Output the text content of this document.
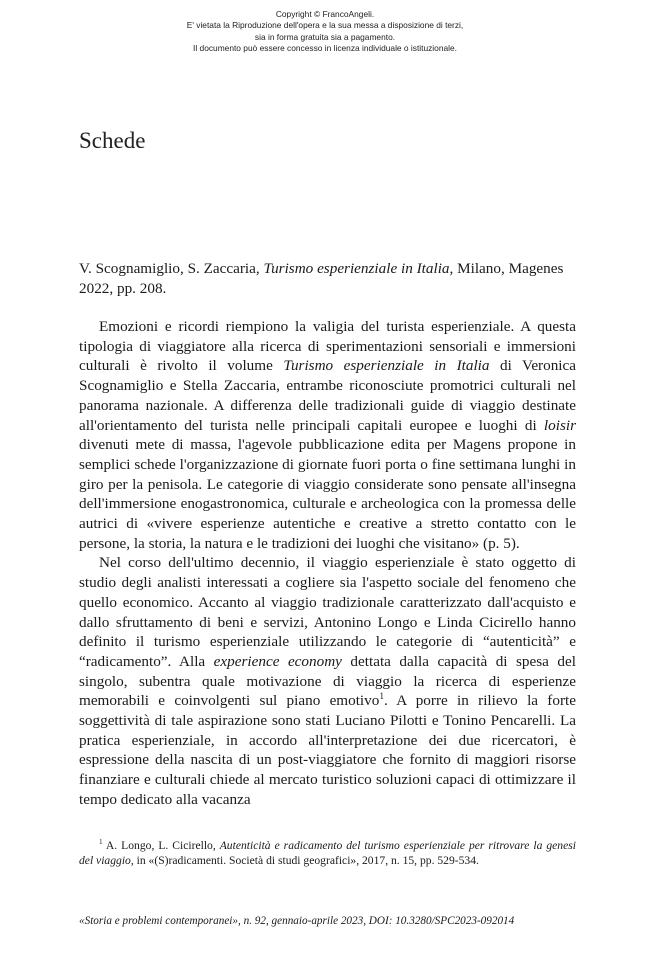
Copyright © FrancoAngeli.
E' vietata la Riproduzione dell'opera e la sua messa a disposizione di terzi,
sia in forma gratuita sia a pagamento.
Il documento può essere concesso in licenza individuale o istituzionale.
Schede

V. Scognamiglio, S. Zaccaria, Turismo esperienziale in Italia, Milano, Magenes 2022, pp. 208.

Emozioni e ricordi riempiono la valigia del turista esperienziale. A questa tipologia di viaggiatore alla ricerca di sperimentazioni sensoriali e immersioni culturali è rivolto il volume Turismo esperienziale in Italia di Veronica Scognamiglio e Stella Zaccaria, entrambe riconosciute promotrici culturali nel panorama nazionale. A differenza delle tradizionali guide di viaggio destinate all'orientamento del turista nelle principali capitali europee e luoghi di loisir divenuti mete di massa, l'agevole pubblicazione edita per Magens propone in semplici schede l'organizzazione di giornate fuori porta o fine settimana lunghi in giro per la penisola. Le categorie di viaggio considerate sono pensate all'insegna dell'immersione enogastronomica, culturale e archeologica con la promessa delle autrici di «vivere esperienze autentiche e creative a stretto contatto con le persone, la storia, la natura e le tradizioni dei luoghi che visitano» (p. 5).

Nel corso dell'ultimo decennio, il viaggio esperienziale è stato oggetto di studio degli analisti interessati a cogliere sia l'aspetto sociale del fenomeno che quello economico. Accanto al viaggio tradizionale caratterizzato dall'acquisto e dallo sfruttamento di beni e servizi, Antonino Longo e Linda Cicirello hanno definito il turismo esperienziale utilizzando le categorie di “autenticità” e “radicamento”. Alla experience economy dettata dalla capacità di spesa del singolo, subentra quale motivazione di viaggio la ricerca di esperienze memorabili e coinvolgenti sul piano emotivo$^1$. A porre in rilievo la forte soggettività di tale aspirazione sono stati Luciano Pilotti e Tonino Pencarelli. La pratica esperienziale, in accordo all'interpretazione dei due ricercatori, è espressione della nascita di un post-viaggiatore che fornito di maggiori risorse finanziare e culturali chiede al mercato turistico soluzioni capaci di ottimizzare il tempo dedicato alla vacanza

$^1$ A. Longo, L. Cicirello, Autenticità e radicamento del turismo esperienziale per ritrovare la genesi del viaggio, in «(S)radicamenti. Società di studi geografici», 2017, n. 15, pp. 529-534.

«Storia e problemi contemporanei», n. 92, gennaio-aprile 2023, DOI: 10.3280/SPC2023-092014
